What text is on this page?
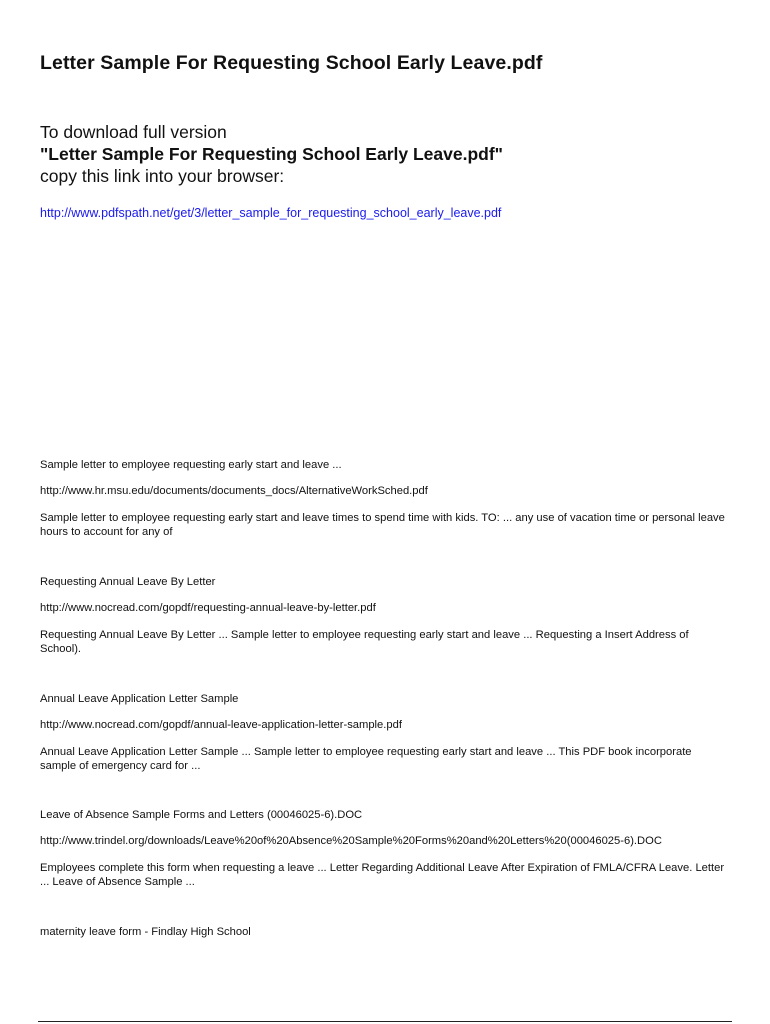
Letter Sample For Requesting School Early Leave.pdf
To download full version
"Letter Sample For Requesting School Early Leave.pdf"
copy this link into your browser:
http://www.pdfspath.net/get/3/letter_sample_for_requesting_school_early_leave.pdf
Sample letter to employee requesting early start and leave ...
http://www.hr.msu.edu/documents/documents_docs/AlternativeWorkSched.pdf
Sample letter to employee requesting early start and leave times to spend time with kids. TO: ... any use of vacation time or personal leave hours to account for any of
Requesting Annual Leave By Letter
http://www.nocread.com/gopdf/requesting-annual-leave-by-letter.pdf
Requesting Annual Leave By Letter ... Sample letter to employee requesting early start and leave ... Requesting a Insert Address of School).
Annual Leave Application Letter Sample
http://www.nocread.com/gopdf/annual-leave-application-letter-sample.pdf
Annual Leave Application Letter Sample ... Sample letter to employee requesting early start and leave ... This PDF book incorporate sample of emergency card for ...
Leave of Absence Sample Forms and Letters (00046025-6).DOC
http://www.trindel.org/downloads/Leave%20of%20Absence%20Sample%20Forms%20and%20Letters%20(00046025-6).DOC
Employees complete this form when requesting a leave ... Letter Regarding Additional Leave After Expiration of FMLA/CFRA Leave. Letter ... Leave of Absence Sample ...
maternity leave form - Findlay High School
